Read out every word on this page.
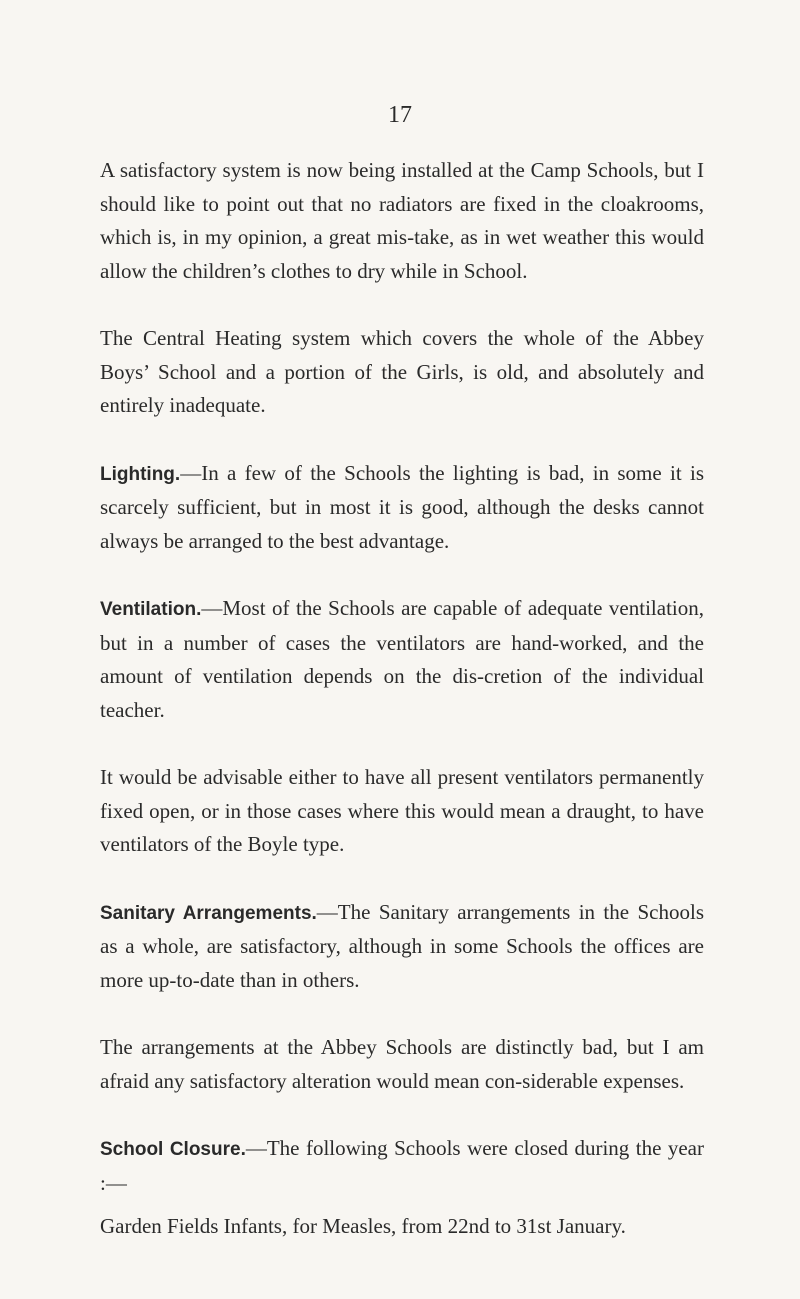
17

A satisfactory system is now being installed at the Camp Schools, but I should like to point out that no radiators are fixed in the cloakrooms, which is, in my opinion, a great mis-take, as in wet weather this would allow the children’s clothes to dry while in School.

The Central Heating system which covers the whole of the Abbey Boys’ School and a portion of the Girls, is old, and absolutely and entirely inadequate.

Lighting.—In a few of the Schools the lighting is bad, in some it is scarcely sufficient, but in most it is good, although the desks cannot always be arranged to the best advantage.

Ventilation.—Most of the Schools are capable of adequate ventilation, but in a number of cases the ventilators are hand-worked, and the amount of ventilation depends on the dis-cretion of the individual teacher.

It would be advisable either to have all present ventilators permanently fixed open, or in those cases where this would mean a draught, to have ventilators of the Boyle type.

Sanitary Arrangements.—The Sanitary arrangements in the Schools as a whole, are satisfactory, although in some Schools the offices are more up-to-date than in others.

The arrangements at the Abbey Schools are distinctly bad, but I am afraid any satisfactory alteration would mean con-siderable expenses.

School Closure.—The following Schools were closed during the year :—

Garden Fields Infants, for Measles, from 22nd to 31st January.
